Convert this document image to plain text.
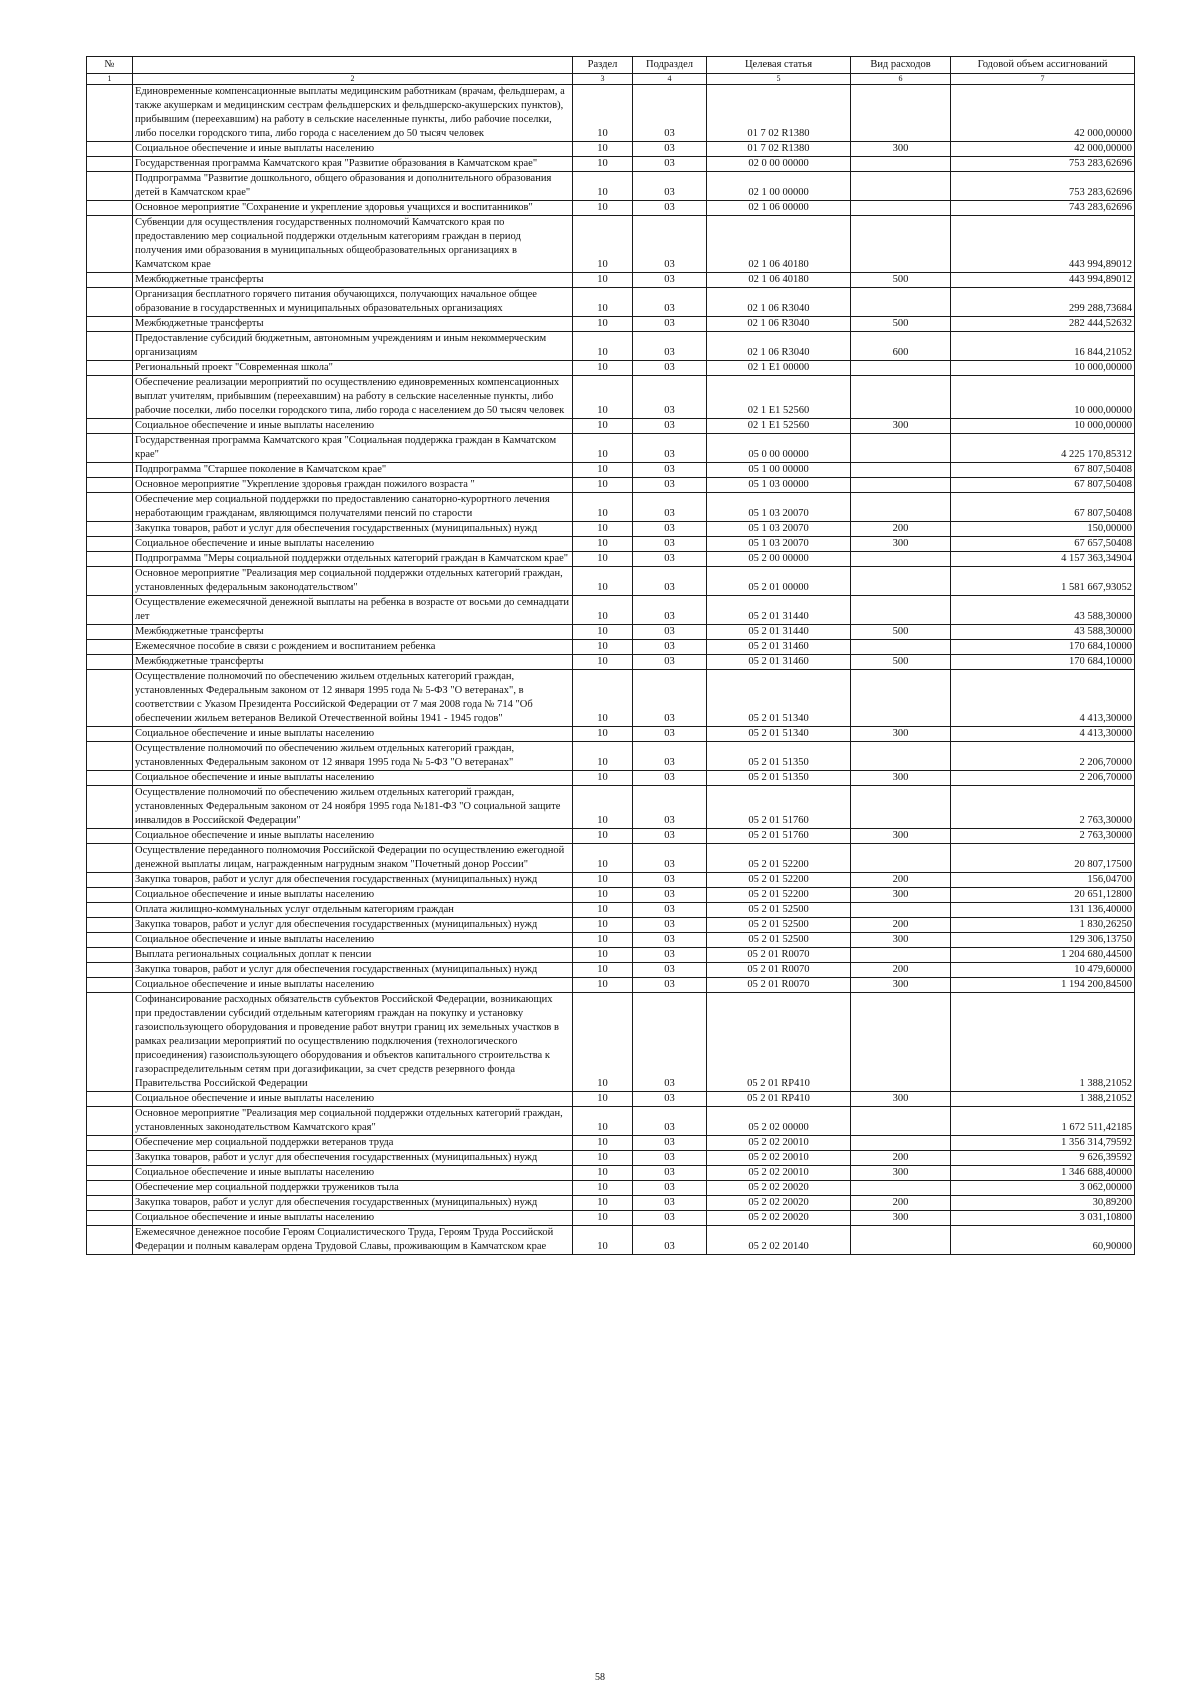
№		Раздел	Подраздел	Целевая статья	Вид расходов	Годовой объем ассигнований
1	2	3	4	5	6	7
	Единовременные компенсационные выплаты медицинским работникам (врачам, фельдшерам, а также акушеркам и медицинским сестрам фельдшерских и фельдшерско-акушерских пунктов), прибывшим (переехавшим) на работу в сельские населенные пункты, либо рабочие поселки, либо поселки городского типа, либо города с населением до 50 тысяч человек	10	03	01 7 02 R1380		42 000,00000
	Социальное обеспечение и иные выплаты населению	10	03	01 7 02 R1380	300	42 000,00000
	Государственная программа Камчатского края "Развитие образования в Камчатском крае"	10	03	02 0 00 00000		753 283,62696
	Подпрограмма "Развитие дошкольного, общего образования и дополнительного образования детей в Камчатском крае"	10	03	02 1 00 00000		753 283,62696
	Основное мероприятие "Сохранение и укрепление здоровья учащихся и воспитанников"	10	03	02 1 06 00000		743 283,62696
	Субвенции для осуществления государственных полномочий Камчатского края по предоставлению мер социальной поддержки отдельным категориям граждан в период получения ими образования в муниципальных общеобразовательных организациях в Камчатском крае	10	03	02 1 06 40180		443 994,89012
	Межбюджетные трансферты	10	03	02 1 06 40180	500	443 994,89012
	Организация бесплатного горячего питания обучающихся, получающих начальное общее образование в государственных и муниципальных образовательных организациях	10	03	02 1 06 R3040		299 288,73684
	Межбюджетные трансферты	10	03	02 1 06 R3040	500	282 444,52632
	Предоставление субсидий бюджетным, автономным учреждениям и иным некоммерческим организациям	10	03	02 1 06 R3040	600	16 844,21052
	Региональный проект "Современная школа"	10	03	02 1 E1 00000		10 000,00000
	Обеспечение реализации мероприятий по осуществлению единовременных компенсационных выплат учителям, прибывшим (переехавшим) на работу в сельские населенные пункты, либо рабочие поселки, либо поселки городского типа, либо города с населением до 50 тысяч человек	10	03	02 1 E1 52560		10 000,00000
	Социальное обеспечение и иные выплаты населению	10	03	02 1 E1 52560	300	10 000,00000
	Государственная программа Камчатского края "Социальная поддержка граждан в Камчатском крае"	10	03	05 0 00 00000		4 225 170,85312
	Подпрограмма "Старшее поколение в Камчатском крае"	10	03	05 1 00 00000		67 807,50408
	Основное мероприятие "Укрепление здоровья граждан пожилого возраста "	10	03	05 1 03 00000		67 807,50408
	Обеспечение мер социальной поддержки по предоставлению санаторно-курортного лечения неработающим гражданам, являющимся получателями пенсий по старости	10	03	05 1 03 20070		67 807,50408
	Закупка товаров, работ и услуг для обеспечения государственных (муниципальных) нужд	10	03	05 1 03 20070	200	150,00000
	Социальное обеспечение и иные выплаты населению	10	03	05 1 03 20070	300	67 657,50408
	Подпрограмма "Меры социальной поддержки отдельных категорий граждан в Камчатском крае"	10	03	05 2 00 00000		4 157 363,34904
	Основное мероприятие "Реализация мер социальной поддержки отдельных категорий граждан, установленных федеральным законодательством"	10	03	05 2 01 00000		1 581 667,93052
	Осуществление ежемесячной денежной выплаты на ребенка в возрасте от восьми до семнадцати лет	10	03	05 2 01 31440		43 588,30000
	Межбюджетные трансферты	10	03	05 2 01 31440	500	43 588,30000
	Ежемесячное пособие в связи с рождением и воспитанием ребенка	10	03	05 2 01 31460		170 684,10000
	Межбюджетные трансферты	10	03	05 2 01 31460	500	170 684,10000
	Осуществление полномочий по обеспечению жильем отдельных категорий граждан, установленных Федеральным законом от 12 января 1995 года № 5-ФЗ "О ветеранах", в соответствии с Указом Президента Российской Федерации от 7 мая 2008 года № 714 "Об обеспечении жильем ветеранов Великой Отечественной войны 1941 - 1945 годов"	10	03	05 2 01 51340		4 413,30000
	Социальное обеспечение и иные выплаты населению	10	03	05 2 01 51340	300	4 413,30000
	Осуществление полномочий по обеспечению жильем отдельных категорий граждан, установленных Федеральным законом от 12 января 1995 года № 5-ФЗ "О ветеранах"	10	03	05 2 01 51350		2 206,70000
	Социальное обеспечение и иные выплаты населению	10	03	05 2 01 51350	300	2 206,70000
	Осуществление полномочий по обеспечению жильем отдельных категорий граждан, установленных Федеральным законом от 24 ноября 1995 года №181-ФЗ "О социальной защите инвалидов в Российской Федерации"	10	03	05 2 01 51760		2 763,30000
	Социальное обеспечение и иные выплаты населению	10	03	05 2 01 51760	300	2 763,30000
	Осуществление переданного полномочия Российской Федерации по осуществлению ежегодной денежной выплаты лицам, награжденным нагрудным знаком "Почетный донор России"	10	03	05 2 01 52200		20 807,17500
	Закупка товаров, работ и услуг для обеспечения государственных (муниципальных) нужд	10	03	05 2 01 52200	200	156,04700
	Социальное обеспечение и иные выплаты населению	10	03	05 2 01 52200	300	20 651,12800
	Оплата жилищно-коммунальных услуг отдельным категориям граждан	10	03	05 2 01 52500		131 136,40000
	Закупка товаров, работ и услуг для обеспечения государственных (муниципальных) нужд	10	03	05 2 01 52500	200	1 830,26250
	Социальное обеспечение и иные выплаты населению	10	03	05 2 01 52500	300	129 306,13750
	Выплата региональных социальных доплат к пенсии	10	03	05 2 01 R0070		1 204 680,44500
	Закупка товаров, работ и услуг для обеспечения государственных (муниципальных) нужд	10	03	05 2 01 R0070	200	10 479,60000
	Социальное обеспечение и иные выплаты населению	10	03	05 2 01 R0070	300	1 194 200,84500
	Софинансирование расходных обязательств субъектов Российской Федерации, возникающих при предоставлении субсидий отдельным категориям граждан на покупку и установку газоиспользующего оборудования и проведение работ внутри границ их земельных участков в рамках реализации мероприятий по осуществлению подключения (технологического присоединения) газоиспользующего оборудования и объектов капитального строительства к газораспределительным сетям при догазификации, за счет средств резервного фонда Правительства Российской Федерации	10	03	05 2 01 RP410		1 388,21052
	Социальное обеспечение и иные выплаты населению	10	03	05 2 01 RP410	300	1 388,21052
	Основное мероприятие "Реализация мер социальной поддержки отдельных категорий граждан, установленных законодательством Камчатского края"	10	03	05 2 02 00000		1 672 511,42185
	Обеспечение мер социальной поддержки ветеранов труда	10	03	05 2 02 20010		1 356 314,79592
	Закупка товаров, работ и услуг для обеспечения государственных (муниципальных) нужд	10	03	05 2 02 20010	200	9 626,39592
	Социальное обеспечение и иные выплаты населению	10	03	05 2 02 20010	300	1 346 688,40000
	Обеспечение мер социальной поддержки тружеников тыла	10	03	05 2 02 20020		3 062,00000
	Закупка товаров, работ и услуг для обеспечения государственных (муниципальных) нужд	10	03	05 2 02 20020	200	30,89200
	Социальное обеспечение и иные выплаты населению	10	03	05 2 02 20020	300	3 031,10800
	Ежемесячное денежное пособие Героям Социалистического Труда, Героям Труда Российской Федерации и полным кавалерам ордена Трудовой Славы, проживающим в Камчатском крае	10	03	05 2 02 20140		60,90000
58
